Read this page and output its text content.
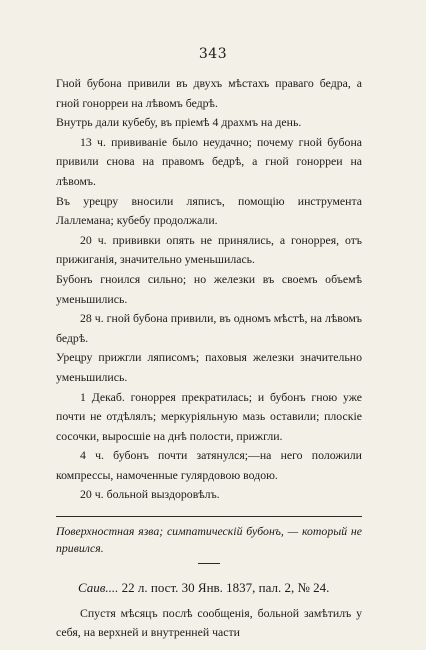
343

Гной бубона привили въ двухъ мѣстахъ праваго бедра, а гной гонорреи на лѣвомъ бедрѣ.

Внутрь дали кубебу, въ пріемѣ 4 драхмъ на день.

13 ч. прививаніе было неудачно; почему гной бубона привили снова на правомъ бедрѣ, а гной гонорреи на лѣвомъ.

Въ урецру вносили ляписъ, помощію инструмента Лаллемана; кубебу продолжали.

20 ч. прививки опять не принялись, а гоноррея, отъ прижиганія, значительно уменьшилась.

Бубонъ гноился сильно; но железки въ своемъ объемѣ уменьшились.

28 ч. гной бубона привили, въ одномъ мѣстѣ, на лѣвомъ бедрѣ.

Урецру прижгли ляписомъ; паховыя железки значительно уменьшились.

1 Декаб. гоноррея прекратилась; и бубонъ гною уже почти не отдѣлялъ; меркуріяльную мазь оставили; плоскіе сосочки, выросшіе на днѣ полости, прижгли.

4 ч. бубонъ почти затянулся;—на него положили компрессы, намоченные гулярдовою водою.

20 ч. больной выздоровѣлъ.

Поверхностная язва; симпатическій бубонъ, — который не привился.

Саив.... 22 л. пост. 30 Янв. 1837, пал. 2, № 24.

Спустя мѣсяцъ послѣ сообщенія, больной замѣтилъ у себя, на верхней и внутренней части
